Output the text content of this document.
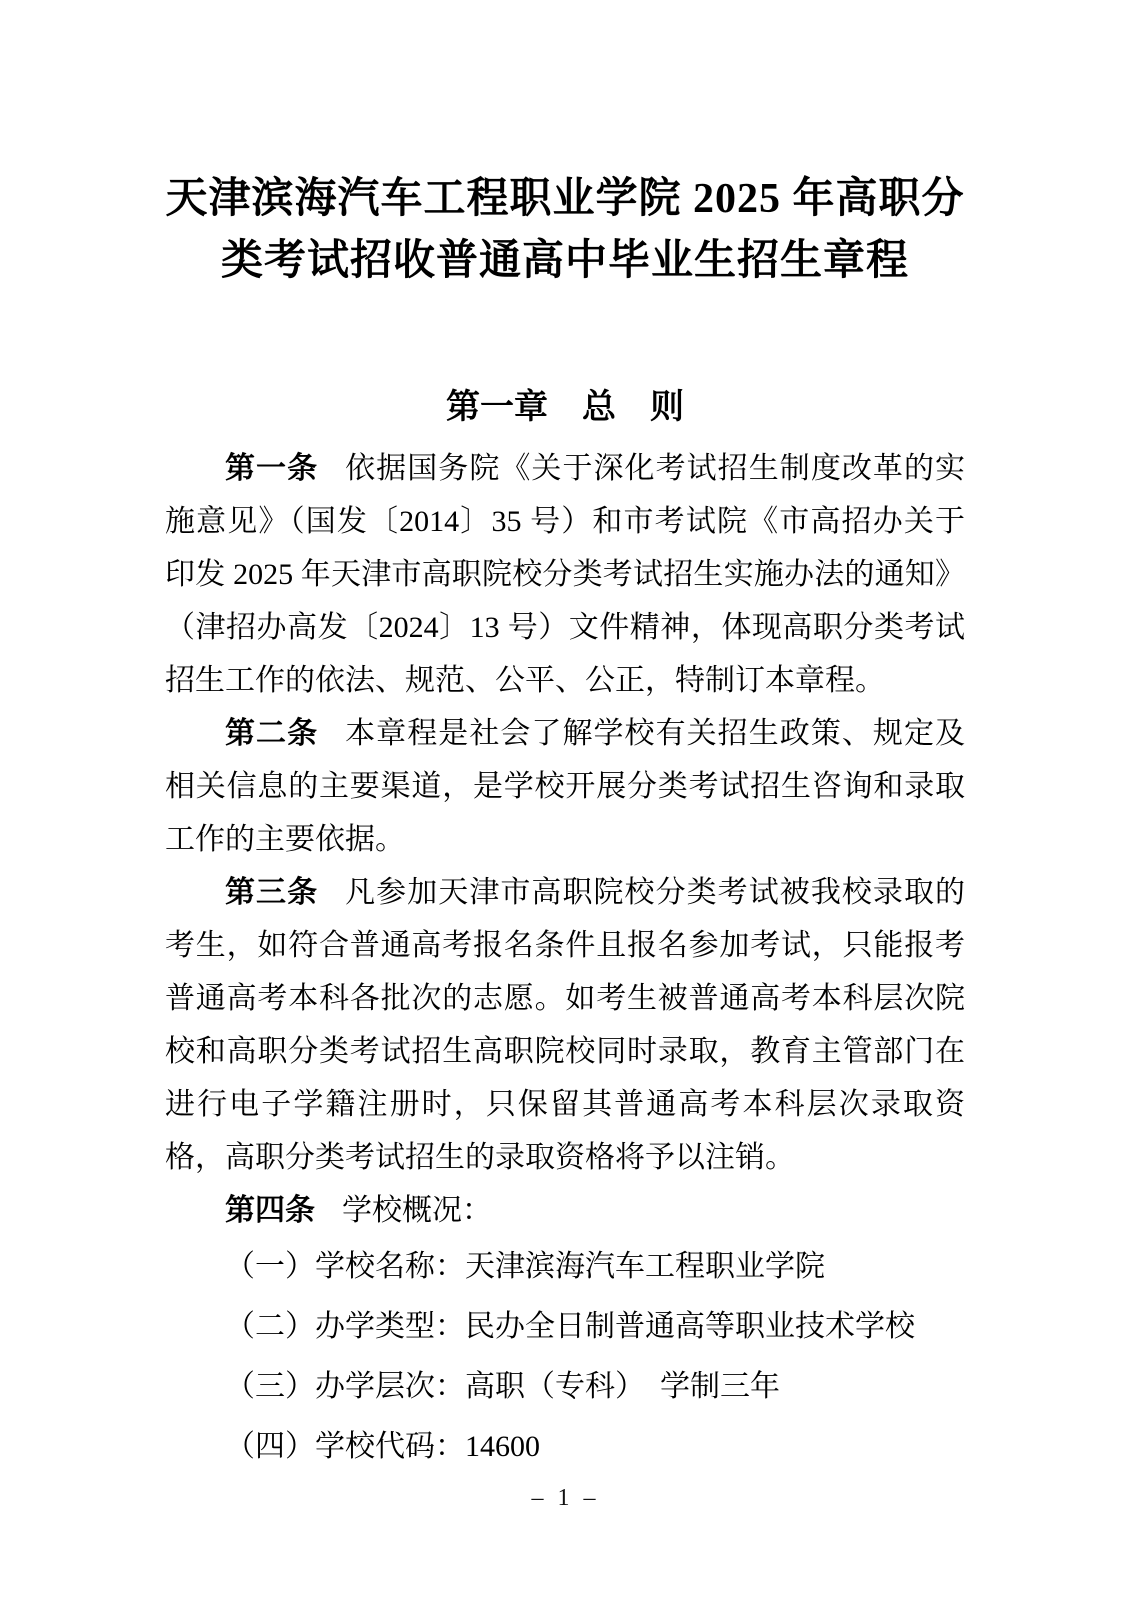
天津滨海汽车工程职业学院 2025 年高职分
类考试招收普通高中毕业生招生章程
第一章　总　则

第一条 依据国务院《关于深化考试招生制度改革的实施意见》（国发〔2014〕35 号）和市考试院《市高招办关于印发 2025 年天津市高职院校分类考试招生实施办法的通知》（津招办高发〔2024〕13 号）文件精神，体现高职分类考试招生工作的依法、规范、公平、公正，特制订本章程。

第二条 本章程是社会了解学校有关招生政策、规定及相关信息的主要渠道，是学校开展分类考试招生咨询和录取工作的主要依据。

第三条 凡参加天津市高职院校分类考试被我校录取的考生，如符合普通高考报名条件且报名参加考试，只能报考普通高考本科各批次的志愿。如考生被普通高考本科层次院校和高职分类考试招生高职院校同时录取，教育主管部门在进行电子学籍注册时，只保留其普通高考本科层次录取资格，高职分类考试招生的录取资格将予以注销。

第四条 学校概况：

（一）学校名称：天津滨海汽车工程职业学院

（二）办学类型：民办全日制普通高等职业技术学校

（三）办学层次：高职（专科）　学制三年

（四）学校代码：14600

– 1 –
